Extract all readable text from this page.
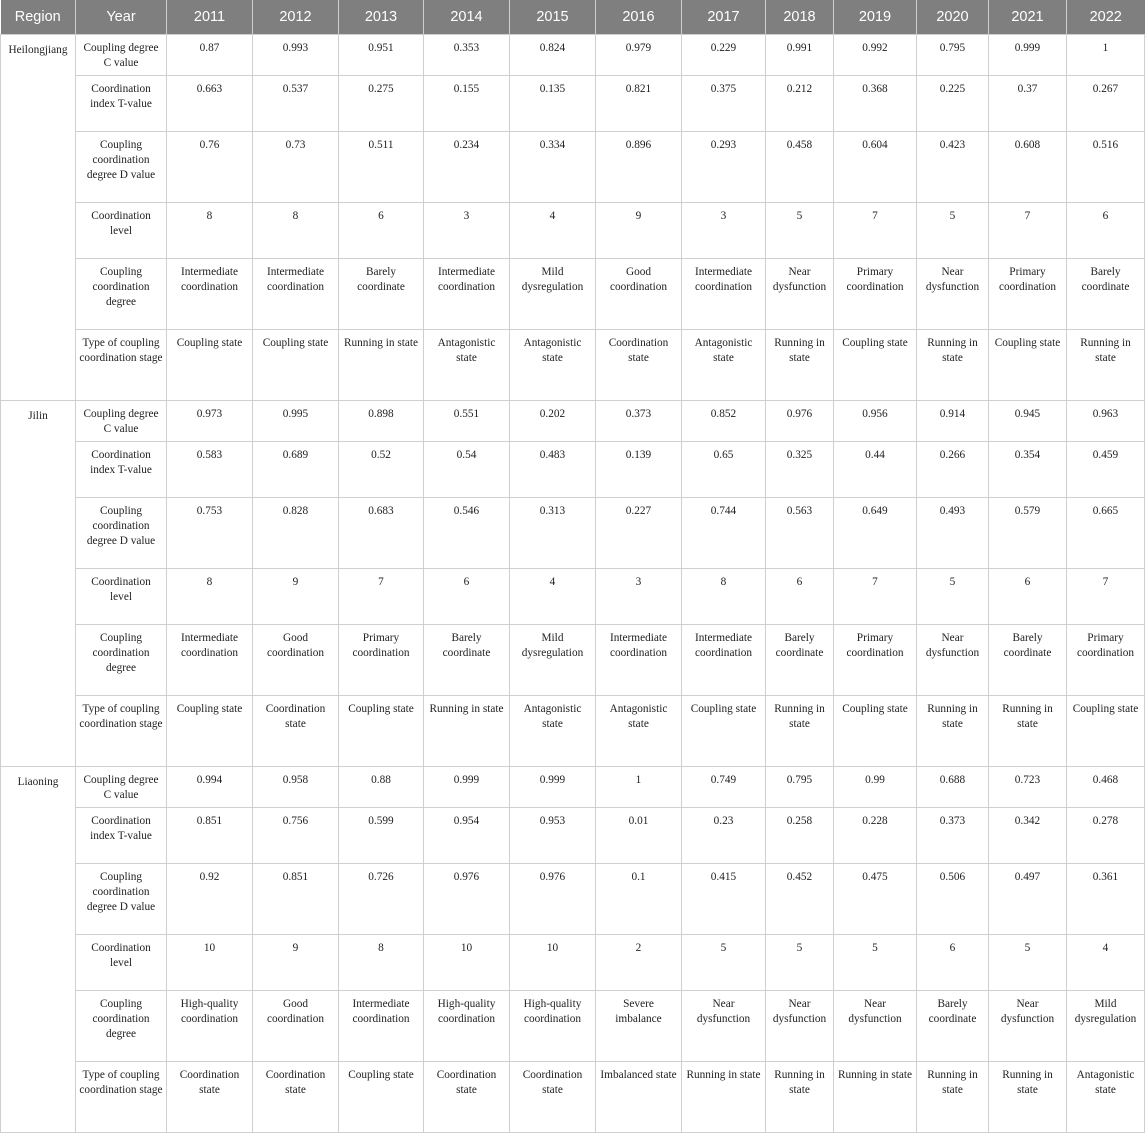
Region	Year	2011	2012	2013	2014	2015	2016	2017	2018	2019	2020	2021	2022
Heilongjiang	Coupling degree C value	0.87	0.993	0.951	0.353	0.824	0.979	0.229	0.991	0.992	0.795	0.999	1
	Coordination index T-value	0.663	0.537	0.275	0.155	0.135	0.821	0.375	0.212	0.368	0.225	0.37	0.267
	Coupling coordination degree D value	0.76	0.73	0.511	0.234	0.334	0.896	0.293	0.458	0.604	0.423	0.608	0.516
	Coordination level	8	8	6	3	4	9	3	5	7	5	7	6
	Coupling coordination degree	Intermediate coordination	Intermediate coordination	Barely coordinate	Intermediate coordination	Mild dysregulation	Good coordination	Intermediate coordination	Near dysfunction	Primary coordination	Near dysfunction	Primary coordination	Barely coordinate
	Type of coupling coordination stage	Coupling state	Coupling state	Running in state	Antagonistic state	Antagonistic state	Coordination state	Antagonistic state	Running in state	Coupling state	Running in state	Coupling state	Running in state
Jilin	Coupling degree C value	0.973	0.995	0.898	0.551	0.202	0.373	0.852	0.976	0.956	0.914	0.945	0.963
	Coordination index T-value	0.583	0.689	0.52	0.54	0.483	0.139	0.65	0.325	0.44	0.266	0.354	0.459
	Coupling coordination degree D value	0.753	0.828	0.683	0.546	0.313	0.227	0.744	0.563	0.649	0.493	0.579	0.665
	Coordination level	8	9	7	6	4	3	8	6	7	5	6	7
	Coupling coordination degree	Intermediate coordination	Good coordination	Primary coordination	Barely coordinate	Mild dysregulation	Intermediate coordination	Intermediate coordination	Barely coordinate	Primary coordination	Near dysfunction	Barely coordinate	Primary coordination
	Type of coupling coordination stage	Coupling state	Coordination state	Coupling state	Running in state	Antagonistic state	Antagonistic state	Coupling state	Running in state	Coupling state	Running in state	Running in state	Coupling state
Liaoning	Coupling degree C value	0.994	0.958	0.88	0.999	0.999	1	0.749	0.795	0.99	0.688	0.723	0.468
	Coordination index T-value	0.851	0.756	0.599	0.954	0.953	0.01	0.23	0.258	0.228	0.373	0.342	0.278
	Coupling coordination degree D value	0.92	0.851	0.726	0.976	0.976	0.1	0.415	0.452	0.475	0.506	0.497	0.361
	Coordination level	10	9	8	10	10	2	5	5	5	6	5	4
	Coupling coordination degree	High-quality coordination	Good coordination	Intermediate coordination	High-quality coordination	High-quality coordination	Severe imbalance	Near dysfunction	Near dysfunction	Near dysfunction	Barely coordinate	Near dysfunction	Mild dysregulation
	Type of coupling coordination stage	Coordination state	Coordination state	Coupling state	Coordination state	Coordination state	Imbalanced state	Running in state	Running in state	Running in state	Running in state	Running in state	Antagonistic state
